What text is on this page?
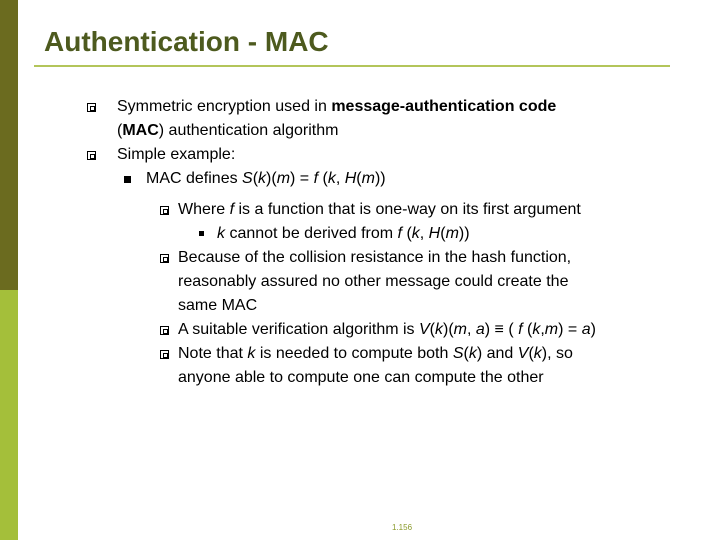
Authentication - MAC
Symmetric encryption used in message-authentication code
(MAC) authentication algorithm
Simple example:
MAC defines S(k)(m) = f (k, H(m))
Where f is a function that is one-way on its first argument
k cannot be derived from f (k, H(m))
Because of the collision resistance in the hash function,
reasonably assured no other message could create the
same MAC
A suitable verification algorithm is V(k)(m, a) ≡ ( f (k,m) = a)
Note that k is needed to compute both S(k) and V(k), so
anyone able to compute one can compute the other
1.156
